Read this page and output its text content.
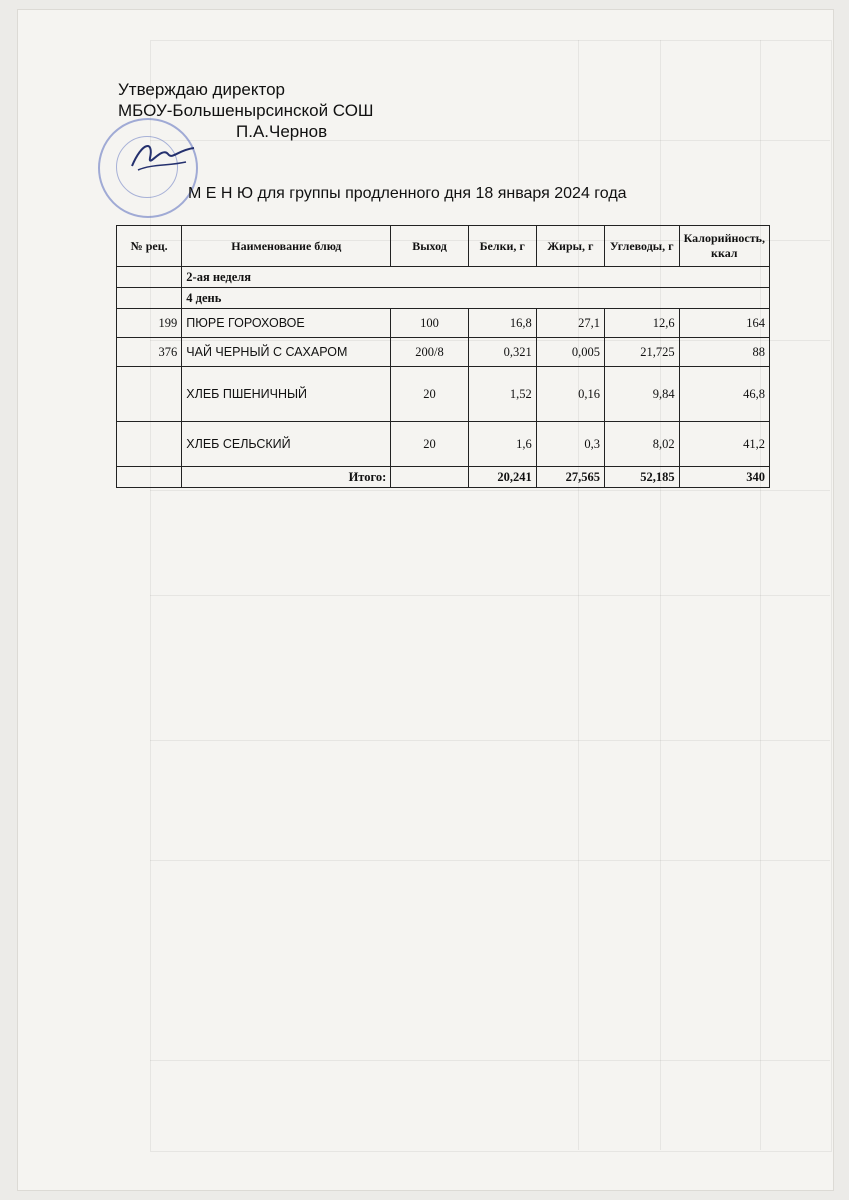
Утверждаю директор
МБОУ-Большенырсинской СОШ
П.А.Чернов
М Е Н Ю для группы продленного дня 18 января 2024 года
№ рец.	Наименование блюд	Выход	Белки, г	Жиры, г	Углеводы, г	Калорийность, ккал
	2-ая неделя					
	4 день					
199	ПЮРЕ ГОРОХОВОЕ	100	16,8	27,1	12,6	164
376	ЧАЙ ЧЕРНЫЙ С САХАРОМ	200/8	0,321	0,005	21,725	88
	ХЛЕБ ПШЕНИЧНЫЙ	20	1,52	0,16	9,84	46,8
	ХЛЕБ СЕЛЬСКИЙ	20	1,6	0,3	8,02	41,2
	Итого:		20,241	27,565	52,185	340
